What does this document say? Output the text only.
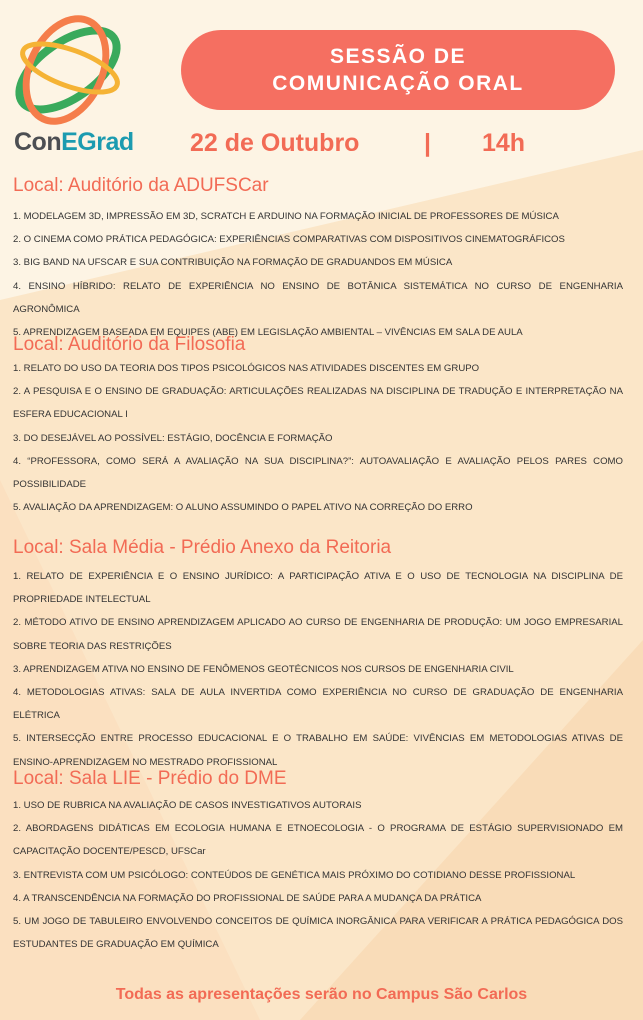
ConEGrad
SESSÃO DE
COMUNICAÇÃO ORAL
22 de Outubro	| 14h
Local: Auditório da ADUFSCar
1. MODELAGEM 3D, IMPRESSÃO EM 3D, SCRATCH E ARDUINO NA FORMAÇÃO INICIAL DE PROFESSORES DE MÚSICA
2. O CINEMA COMO PRÁTICA PEDAGÓGICA: EXPERIÊNCIAS COMPARATIVAS COM DISPOSITIVOS CINEMATOGRÁFICOS
3. BIG BAND NA UFSCAR E SUA CONTRIBUIÇÃO NA FORMAÇÃO DE GRADUANDOS EM MÚSICA
4. ENSINO HÍBRIDO: RELATO DE EXPERIÊNCIA NO ENSINO DE BOTÂNICA SISTEMÁTICA NO CURSO DE ENGENHARIA AGRONÔMICA
5. APRENDIZAGEM BASEADA EM EQUIPES (ABE) EM LEGISLAÇÃO AMBIENTAL – VIVÊNCIAS EM SALA DE AULA
Local: Auditório da Filosofia
1. RELATO DO USO DA TEORIA DOS TIPOS PSICOLÓGICOS NAS ATIVIDADES DISCENTES EM GRUPO
2. A PESQUISA E O ENSINO DE GRADUAÇÃO: ARTICULAÇÕES REALIZADAS NA DISCIPLINA DE TRADUÇÃO E INTERPRETAÇÃO NA ESFERA EDUCACIONAL I
3. DO DESEJÁVEL AO POSSÍVEL: ESTÁGIO, DOCÊNCIA E FORMAÇÃO
4. “PROFESSORA, COMO SERÁ A AVALIAÇÃO NA SUA DISCIPLINA?”: AUTOAVALIAÇÃO E AVALIAÇÃO PELOS PARES COMO POSSIBILIDADE
5. AVALIAÇÃO DA APRENDIZAGEM: O ALUNO ASSUMINDO O PAPEL ATIVO NA CORREÇÃO DO ERRO
Local: Sala Média - Prédio Anexo da Reitoria
1. RELATO DE EXPERIÊNCIA E O ENSINO JURÍDICO: A PARTICIPAÇÃO ATIVA E O USO DE TECNOLOGIA NA DISCIPLINA DE PROPRIEDADE INTELECTUAL
2. MÉTODO ATIVO DE ENSINO APRENDIZAGEM APLICADO AO CURSO DE ENGENHARIA DE PRODUÇÃO: UM JOGO EMPRESARIAL SOBRE TEORIA DAS RESTRIÇÕES
3. APRENDIZAGEM ATIVA NO ENSINO DE FENÔMENOS GEOTÉCNICOS NOS CURSOS DE ENGENHARIA CIVIL
4. METODOLOGIAS ATIVAS: SALA DE AULA INVERTIDA COMO EXPERIÊNCIA NO CURSO DE GRADUAÇÃO DE ENGENHARIA ELÉTRICA
5. INTERSECÇÃO ENTRE PROCESSO EDUCACIONAL E O TRABALHO EM SAÚDE: VIVÊNCIAS EM METODOLOGIAS ATIVAS DE ENSINO-APRENDIZAGEM NO MESTRADO PROFISSIONAL
Local: Sala LIE - Prédio do DME
1. USO DE RUBRICA NA AVALIAÇÃO DE CASOS INVESTIGATIVOS AUTORAIS
2. ABORDAGENS DIDÁTICAS EM ECOLOGIA HUMANA E ETNOECOLOGIA - O PROGRAMA DE ESTÁGIO SUPERVISIONADO EM CAPACITAÇÃO DOCENTE/PESCD, UFSCar
3. ENTREVISTA COM UM PSICÓLOGO: CONTEÚDOS DE GENÉTICA MAIS PRÓXIMO DO COTIDIANO DESSE PROFISSIONAL
4. A TRANSCENDÊNCIA NA FORMAÇÃO DO PROFISSIONAL DE SAÚDE PARA A MUDANÇA DA PRÁTICA
5. UM JOGO DE TABULEIRO ENVOLVENDO CONCEITOS DE QUÍMICA INORGÂNICA PARA VERIFICAR A PRÁTICA PEDAGÓGICA DOS ESTUDANTES DE GRADUAÇÃO EM QUÍMICA
Todas as apresentações serão no Campus São Carlos
